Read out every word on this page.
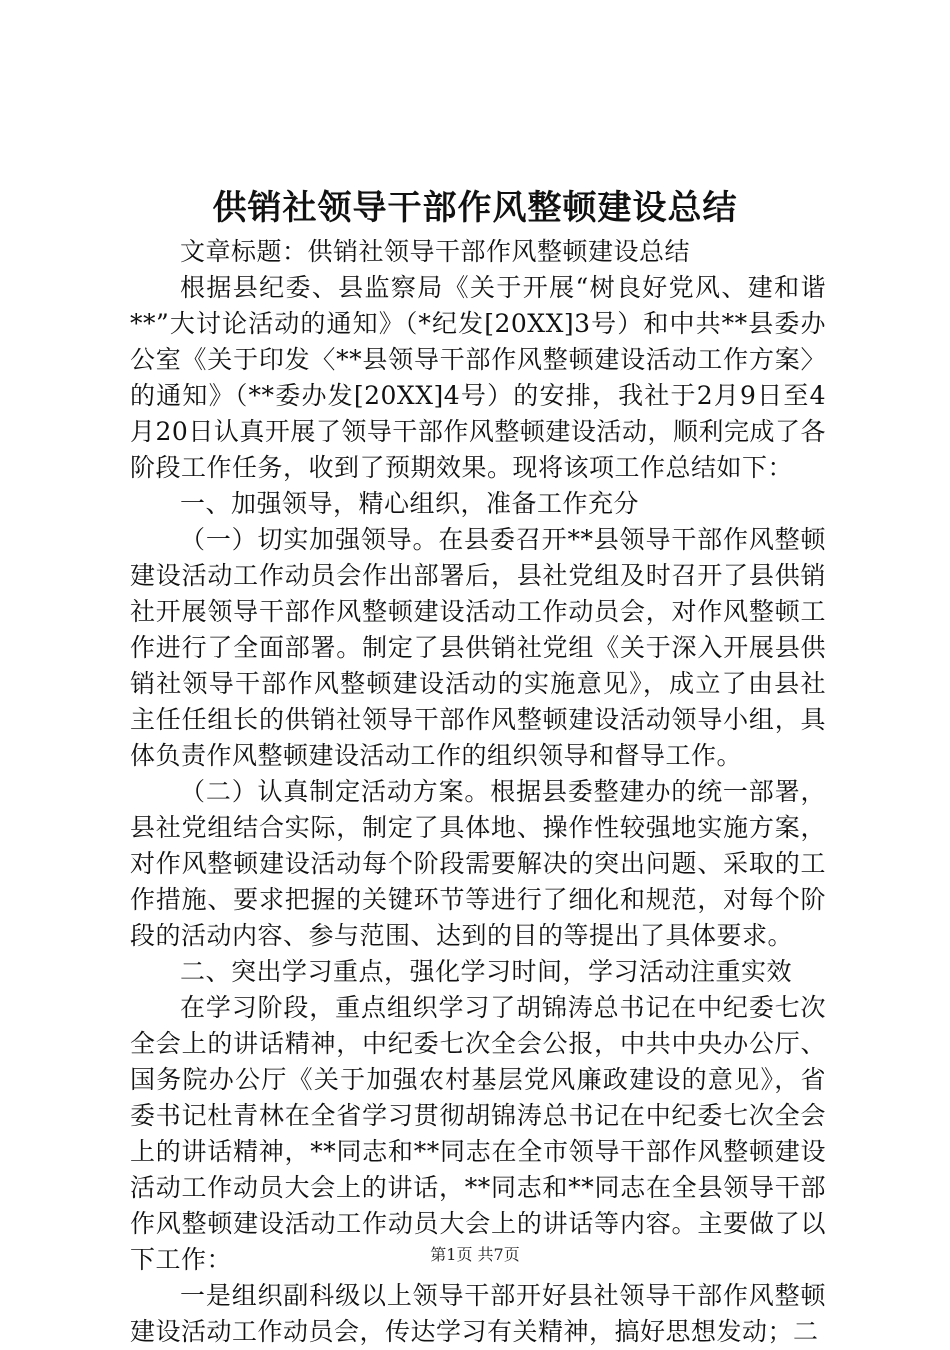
供销社领导干部作风整顿建设总结

文章标题：供销社领导干部作风整顿建设总结

根据县纪委、县监察局《关于开展“树良好党风、建和谐**”大讨论活动的通知》（*纪发[20XX]3号）和中共**县委办公室《关于印发〈**县领导干部作风整顿建设活动工作方案〉的通知》（**委办发[20XX]4号）的安排，我社于2月9日至4月20日认真开展了领导干部作风整顿建设活动，顺利完成了各阶段工作任务，收到了预期效果。现将该项工作总结如下：

一、加强领导，精心组织，准备工作充分

（一）切实加强领导。在县委召开**县领导干部作风整顿建设活动工作动员会作出部署后，县社党组及时召开了县供销社开展领导干部作风整顿建设活动工作动员会，对作风整顿工作进行了全面部署。制定了县供销社党组《关于深入开展县供销社领导干部作风整顿建设活动的实施意见》，成立了由县社主任任组长的供销社领导干部作风整顿建设活动领导小组，具体负责作风整顿建设活动工作的组织领导和督导工作。

（二）认真制定活动方案。根据县委整建办的统一部署，县社党组结合实际，制定了具体地、操作性较强地实施方案，对作风整顿建设活动每个阶段需要解决的突出问题、采取的工作措施、要求把握的关键环节等进行了细化和规范，对每个阶段的活动内容、参与范围、达到的目的等提出了具体要求。

二、突出学习重点，强化学习时间，学习活动注重实效

在学习阶段，重点组织学习了胡锦涛总书记在中纪委七次全会上的讲话精神，中纪委七次全会公报，中共中央办公厅、国务院办公厅《关于加强农村基层党风廉政建设的意见》，省委书记杜青林在全省学习贯彻胡锦涛总书记在中纪委七次全会上的讲话精神，**同志和**同志在全市领导干部作风整顿建设活动工作动员大会上的讲话，**同志和**同志在全县领导干部作风整顿建设活动工作动员大会上的讲话等内容。主要做了以下工作：

一是组织副科级以上领导干部开好县社领导干部作风整顿建设活动工作动员会，传达学习有关精神，搞好思想发动；二

第1页 共7页
